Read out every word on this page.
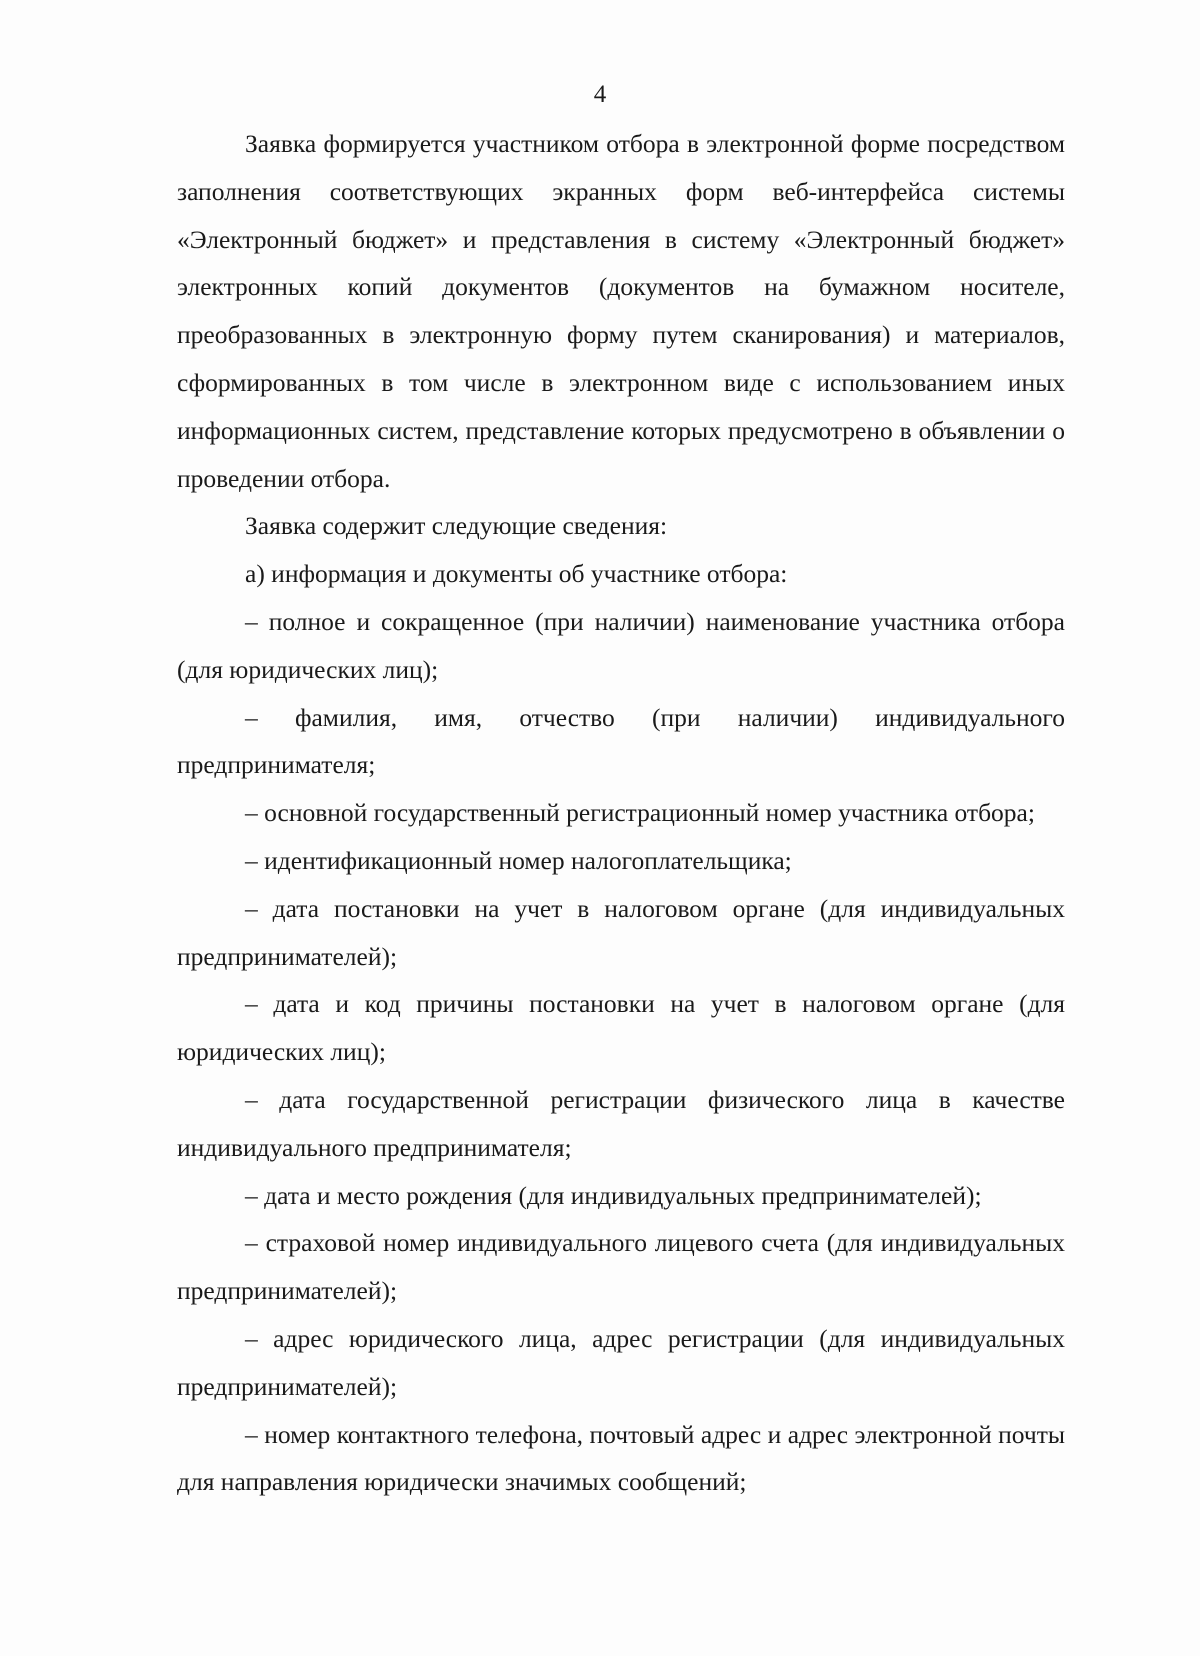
4

Заявка формируется участником отбора в электронной форме посредством заполнения соответствующих экранных форм веб-интерфейса системы «Электронный бюджет» и представления в систему «Электронный бюджет» электронных копий документов (документов на бумажном носителе, преобразованных в электронную форму путем сканирования) и материалов, сформированных в том числе в электронном виде с использованием иных информационных систем, представление которых предусмотрено в объявлении о проведении отбора.

Заявка содержит следующие сведения:

а) информация и документы об участнике отбора:

– полное и сокращенное (при наличии) наименование участника отбора (для юридических лиц);

– фамилия, имя, отчество (при наличии) индивидуального предпринимателя;

– основной государственный регистрационный номер участника отбора;

– идентификационный номер налогоплательщика;

– дата постановки на учет в налоговом органе (для индивидуальных предпринимателей);

– дата и код причины постановки на учет в налоговом органе (для юридических лиц);

– дата государственной регистрации физического лица в качестве индивидуального предпринимателя;

– дата и место рождения (для индивидуальных предпринимателей);

– страховой номер индивидуального лицевого счета (для индивидуальных предпринимателей);

– адрес юридического лица, адрес регистрации (для индивидуальных предпринимателей);

– номер контактного телефона, почтовый адрес и адрес электронной почты для направления юридически значимых сообщений;
